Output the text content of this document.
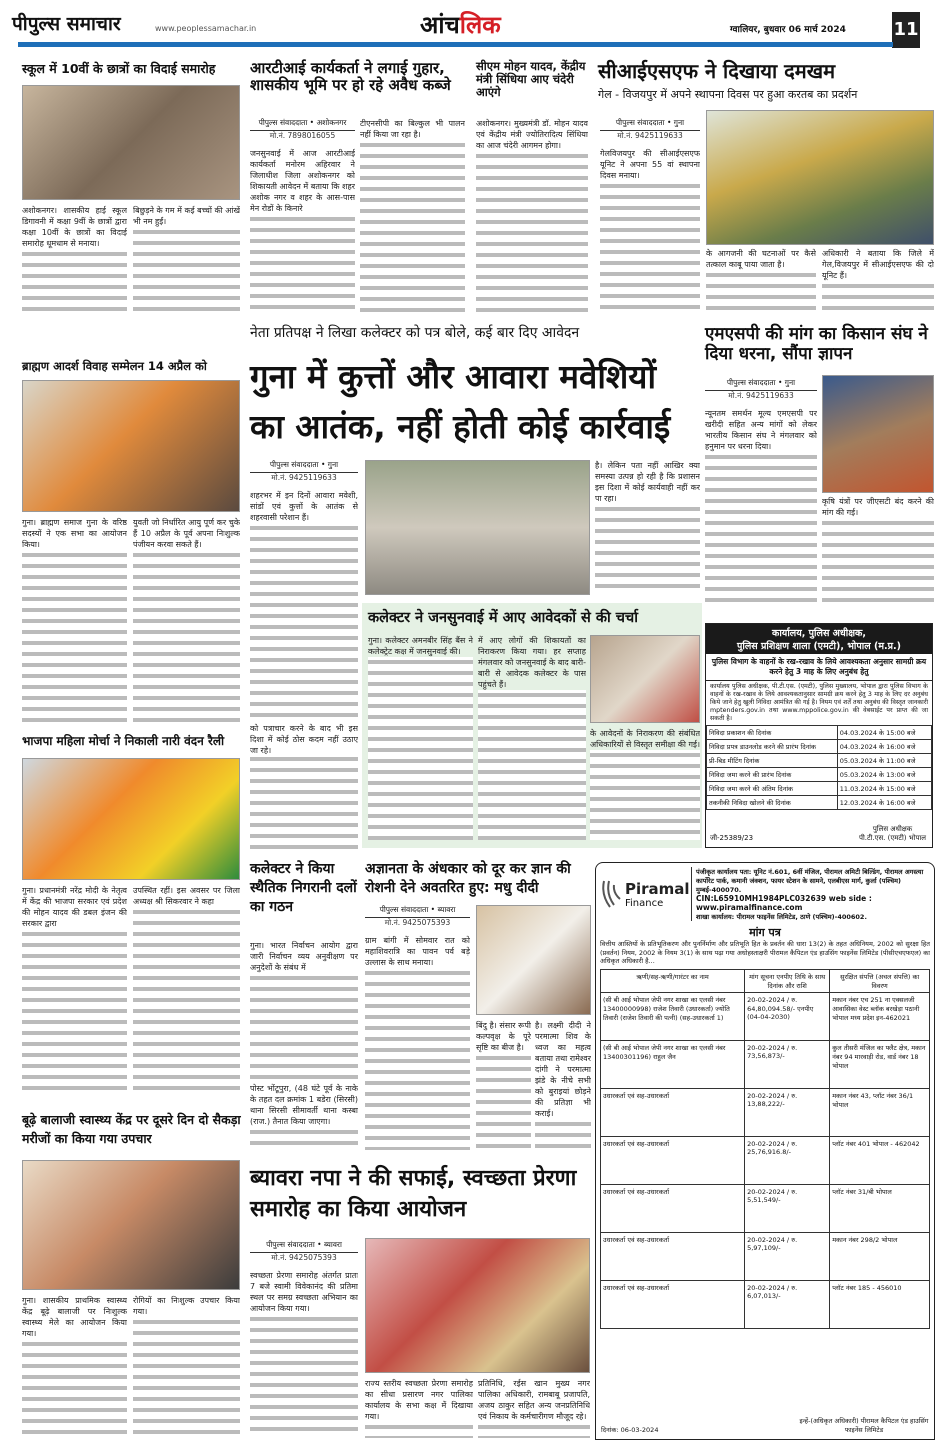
पीपुल्स समाचार	www.peoplessamachar.in	आंचलिक	ग्वालियर, बुधवार 06 मार्च 2024	11
स्कूल में 10वीं के छात्रों का विदाई समारोह

अशोकनगर। शासकीय हाई स्कूल डिगावनी में कक्षा 9वीं के छात्रों द्वारा कक्षा 10वीं के छात्रों का विदाई समारोह धूमधाम से मनाया।

बिछुड़ने के गम में कई बच्चों की आंखें भी नम हुईं।

आरटीआई कार्यकर्ता ने लगाई गुहार, शासकीय भूमि पर हो रहे अवैध कब्जे
पीपुल्स संवाददाता • अशोकनगर
मो.नं. 7898016055

जनसुनवाई में आज आरटीआई कार्यकर्ता मनोरम अहिरवार ने जिलाधीश जिला अशोकनगर को शिकायती आवेदन में बताया कि शहर अशोक नगर व शहर के आस-पास मेन रोडों के किनारे

टीएनसीपी का बिल्कुल भी पालन नहीं किया जा रहा है।

सीएम मोहन यादव, केंद्रीय मंत्री सिंधिया आए चंदेरी आएंगे

अशोकनगर। मुख्यमंत्री डॉ. मोहन यादव एवं केंद्रीय मंत्री ज्योतिरादित्य सिंधिया का आज चंदेरी आगमन होगा।

सीआईएसएफ ने दिखाया दमखम
गेल - विजयपुर में अपने स्थापना दिवस पर हुआ करतब का प्रदर्शन
पीपुल्स संवाददाता • गुना
मो.नं. 9425119633

गेलविजयपुर की सीआईएसएफ यूनिट ने अपना 55 वां स्थापना दिवस मनाया।

के आगजनी की घटनाओं पर कैसे तत्काल काबू पाया जाता है।

अधिकारी ने बताया कि जिले में गेल,विजयपुर में सीआईएसएफ की दो यूनिट हैं।

नेता प्रतिपक्ष ने लिखा कलेक्टर को पत्र बोले, कई बार दिए आवेदन
गुना में कुत्तों और आवारा मवेशियों का आतंक, नहीं होती कोई कार्रवाई
पीपुल्स संवाददाता • गुना
मो.नं. 9425119633

शहरभर में इन दिनों आवारा मवेशी, सांडों एवं कुत्तों के आतंक से शहरवासी परेशान हैं।

को पत्राचार करने के बाद भी इस दिशा में कोई ठोस कदम नहीं उठाए जा रहे।

है। लेकिन पता नहीं आखिर क्या समस्या उत्पन्न हो रही है कि प्रशासन इस दिशा में कोई कार्यवाही नहीं कर पा रहा।

कलेक्टर ने जनसुनवाई में आए आवेदकों से की चर्चा

गुना। कलेक्टर अमनबीर सिंह बैंस ने कलेक्ट्रेट कक्ष में जनसुनवाई की।

में आए लोगों की शिकायतों का निराकरण किया गया। हर सप्ताह मंगलवार को जनसुनवाई के बाद बारी-बारी से आवेदक कलेक्टर के पास पहुंचते हैं।

के आवेदनों के निराकरण की संबंधित अधिकारियों से विस्तृत समीक्षा की गई।

एमएसपी की मांग का किसान संघ ने दिया धरना, सौंपा ज्ञापन
पीपुल्स संवाददाता • गुना
मो.नं. 9425119633

न्यूनतम समर्थन मूल्य एमएसपी पर खरीदी सहित अन्य मांगों को लेकर भारतीय किसान संघ ने मंगलवार को हनुमान पर धरना दिया।

कृषि यंत्रों पर जीएसटी बंद करने की मांग की गई।

कार्यालय, पुलिस अधीक्षक,
पुलिस प्रशिक्षण शाला (एमटी), भोपाल (म.प्र.)
पुलिस विभाग के वाहनों के रख-रखाव के लिये आवश्यकता अनुसार सामग्री क्रय करने हेतु 3 माह के लिए अनुबंध हेतु
कार्यालय पुलिस अधीक्षक, पी.टी.एस. (एमटी), पुलिस मुख्यालय, भोपाल द्वारा पुलिस विभाग के वाहनों के रख-रखाव के लिये आवश्यकतानुसार सामग्री क्रय करने हेतु 3 माह के लिए दर अनुबंध किये जाने हेतु खुली निविदा आमंत्रित की गई है। नियम एवं शर्तें तथा अनुबंध की विस्तृत जानकारी mptenders.gov.in तथा www.mppolice.gov.in की वेबसाईट पर प्राप्त की जा सकती है।
निविदा प्रकाशन की दिनांक	04.03.2024 के 15:00 बजे
निविदा प्रपत्र डाउनलोड करने की प्रारंभ दिनांक	04.03.2024 के 16:00 बजे
प्री-बिड मीटिंग दिनांक	05.03.2024 के 11:00 बजे
निविदा जमा करने की प्रारंभ दिनांक	05.03.2024 के 13:00 बजे
निविदा जमा करने की अंतिम दिनांक	11.03.2024 के 15:00 बजे
तकनीकी निविदा खोलने की दिनांक	12.03.2024 के 16:00 बजे
जी-25389/23
पुलिस अधीक्षक
पी.टी.एस. (एमटी) भोपाल
ब्राह्मण आदर्श विवाह सम्मेलन 14 अप्रैल को

गुना। ब्राह्मण समाज गुना के वरिष्ठ सदस्यों ने एक सभा का आयोजन किया।

युवती जो निर्धारित आयु पूर्ण कर चुके हैं 10 अप्रैल के पूर्व अपना निःशुल्क पंजीयन करवा सकते हैं।

भाजपा महिला मोर्चा ने निकाली नारी वंदन रैली

गुना। प्रधानमंत्री नरेंद्र मोदी के नेतृत्व में केंद्र की भाजपा सरकार एवं प्रदेश की मोहन यादव की डबल इंजन की सरकार द्वारा

उपस्थित रहीं। इस अवसर पर जिला अध्यक्ष श्री सिकरवार ने कहा

बूढ़े बालाजी स्वास्थ्य केंद्र पर दूसरे दिन दो सैकड़ा मरीजों का किया गया उपचार

गुना। शासकीय प्राथमिक स्वास्थ्य केंद्र बूढ़े बालाजी पर निःशुल्क स्वास्थ्य मेले का आयोजन किया गया।

रोगियों का निःशुल्क उपचार किया गया।

कलेक्टर ने किया स्थैतिक निगरानी दलों का गठन

गुना। भारत निर्वाचन आयोग द्वारा जारी निर्वाचन व्यय अनुवीक्षण पर अनुदेशों के संबंध में

पोस्ट भोंटूपुरा, (48 घंटे पूर्व के नाके के तहत दल क्रमांक 1 बडेरा (सिरसी) थाना सिरसी सीमावर्ती थाना कस्बा (राज.) तैनात किया जाएगा।

अज्ञानता के अंधकार को दूर कर ज्ञान की रोशनी देने अवतरित हुए: मधु दीदी
पीपुल्स संवाददाता • ब्यावरा
मो.नं. 9425075393

ग्राम बांगी में सोमवार रात को महाशिवरात्रि का पावन पर्व बड़े उल्लास के साथ मनाया।

बिंदु है। संसार रूपी कल्पवृक्ष के पूरे सृष्टि का बीज है।

है। लक्ष्मी दीदी ने परमात्मा शिव के ध्वज का महत्व बताया तथा रामेश्वर दांगी ने परमात्मा झंडे के नीचे सभी को बुराइयां छोड़ने की प्रतिज्ञा भी कराई।

ब्यावरा नपा ने की सफाई, स्वच्छता प्रेरणा समारोह का किया आयोजन
पीपुल्स संवाददाता • ब्यावरा
मो.नं. 9425075393

स्वच्छता प्रेरणा समारोह अंतर्गत प्रातः 7 बजे स्वामी विवेकानंद की प्रतिमा स्थल पर समग्र स्वच्छता अभियान का आयोजन किया गया।

राज्य स्तरीय स्वच्छता प्रेरणा समारोह का सीधा प्रसारण नगर पालिका कार्यालय के सभा कक्ष में दिखाया गया।

प्रतिनिधि, रईस खान मुख्य नगर पालिका अधिकारी, रामबाबू प्रजापति, अजय ठाकुर सहित अन्य जनप्रतिनिधि एवं निकाय के कर्मचारीगण मौजूद रहे।

Piramal
Finance
पंजीकृत कार्यालय पता: यूनिट नं.601, 6वीं मंजिल, पीरामल अमिटी बिल्डिंग, पीरामल अगस्त्या कार्पोरेट पार्क, कमानी जंक्शन, फायर स्टेशन के सामने, एलबीएस मार्ग, कुर्ला (पश्चिम) मुम्बई-400070.
CIN:L65910MH1984PLC032639 web side : www.piramalfinance.com
शाखा कार्यालय: पीरामल फाइनेंस लिमिटेड, ठाणे (पश्चिम)-400602.
मांग पत्र
वित्तीय आस्तियों के प्रतिभूतिकरण और पुनर्निर्माण और प्रतिभूति हित के प्रवर्तन की धारा 13(2) के तहत अधिनियम, 2002 को सुरक्षा हित (प्रवर्तन) नियम, 2002 के नियम 3(1) के साथ पढ़ा गया अधोहस्ताक्षरी पीरामल कैपिटल एंड हाउसिंग फाइनेंस लिमिटेड (पीसीएचएफएल) का अधिकृत अधिकारी है...
ऋणी/सह-ऋणी/गारंटर का नाम	मांग सूचना एनपीए तिथि के साथ दिनांक और राशि	सुरक्षित संपत्ति (अचल संपत्ति) का विवरण
(सी बी आई भोपाल जेपी नगर शाखा का एलसी नंबर 13400000998) राजेश तिवारी (उधारकर्ता) ज्योति तिवारी (राजेश तिवारी की पत्नी) (सह-उधारकर्ता 1)	20-02-2024 / रु. 64,80,094.58/- एनपीए (04-04-2030)	मकान नंबर एच 251 ना एक्सलजी आवासिका वेस्ट ब्लॉक बरखेड़ा पठानी भोपाल मध्य प्रदेश इन-462021
(सी बी आई भोपाल जेपी नगर शाखा का एलसी नंबर 13400301196) राहुल जैन	20-02-2024 / रु. 73,56,873/-	कुल तीसरी मंजिल का फ्लैट क्षेत्र, मकान नंबर 94 मारवाड़ी रोड, वार्ड नंबर 18 भोपाल
उधारकर्ता एवं सह-उधारकर्ता	20-02-2024 / रु. 13,88,222/-	मकान नंबर 43, प्लॉट नंबर 36/1 भोपाल
उधारकर्ता एवं सह-उधारकर्ता	20-02-2024 / रु. 25,76,916.8/-	प्लॉट नंबर 401 भोपाल - 462042
उधारकर्ता एवं सह-उधारकर्ता	20-02-2024 / रु. 5,51,549/-	प्लॉट नंबर 31/बी भोपाल
उधारकर्ता एवं सह-उधारकर्ता	20-02-2024 / रु. 5,97,109/-	मकान नंबर 298/2 भोपाल
उधारकर्ता एवं सह-उधारकर्ता	20-02-2024 / रु. 6,07,013/-	प्लॉट नंबर 185 - 456010
दिनांक: 06-03-2024
इन्हें-(अधिकृत अधिकारी) पीरामल कैपिटल एंड हाउसिंग फाइनेंस लिमिटेड
